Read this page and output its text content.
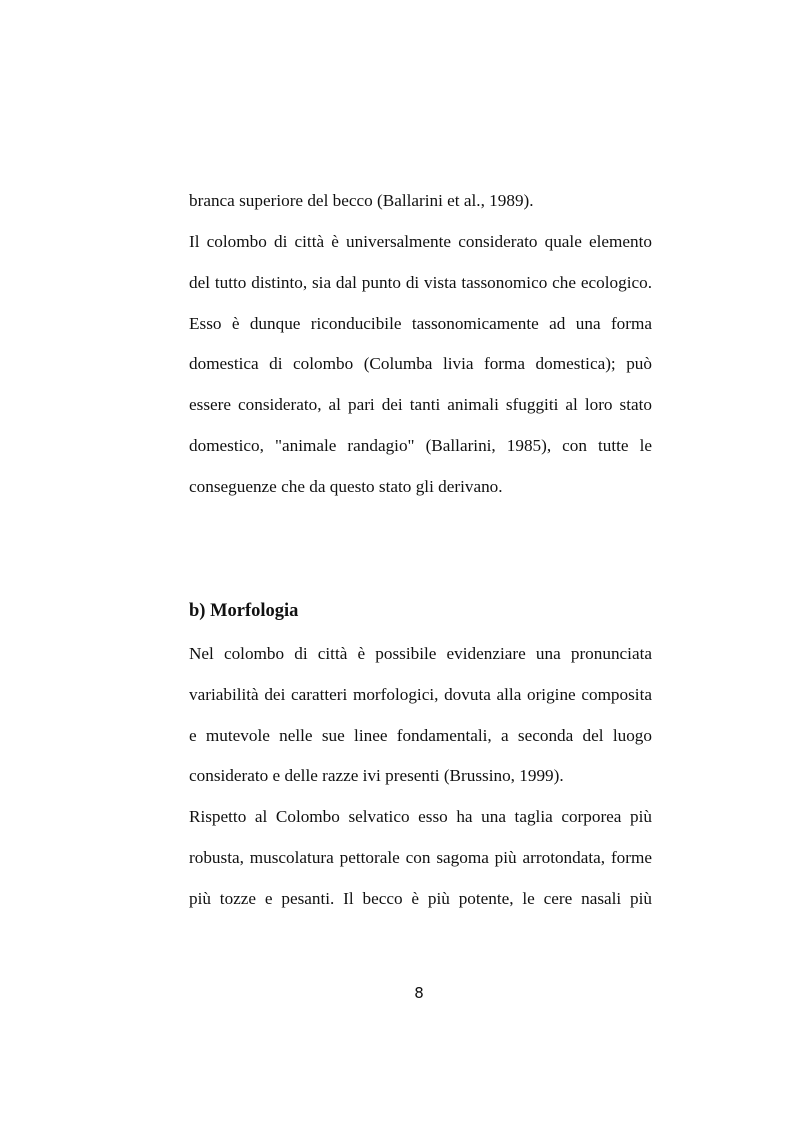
branca superiore del becco (Ballarini et al., 1989).
Il colombo di città è universalmente considerato quale elemento
del tutto distinto, sia dal punto di vista tassonomico che ecologico.
Esso è dunque riconducibile tassonomicamente ad una forma
domestica di colombo (Columba livia forma domestica); può
essere considerato, al pari dei tanti animali sfuggiti al loro stato
domestico, "animale randagio" (Ballarini, 1985), con tutte le
conseguenze che da questo stato gli derivano.
b) Morfologia
Nel colombo di città è possibile evidenziare una pronunciata
variabilità dei caratteri morfologici, dovuta alla origine composita
e mutevole nelle sue linee fondamentali, a seconda del luogo
considerato e delle razze ivi presenti (Brussino, 1999).
Rispetto al Colombo selvatico esso ha una taglia corporea più
robusta, muscolatura pettorale con sagoma più arrotondata, forme
più tozze e pesanti. Il becco è più potente, le cere nasali più
8
